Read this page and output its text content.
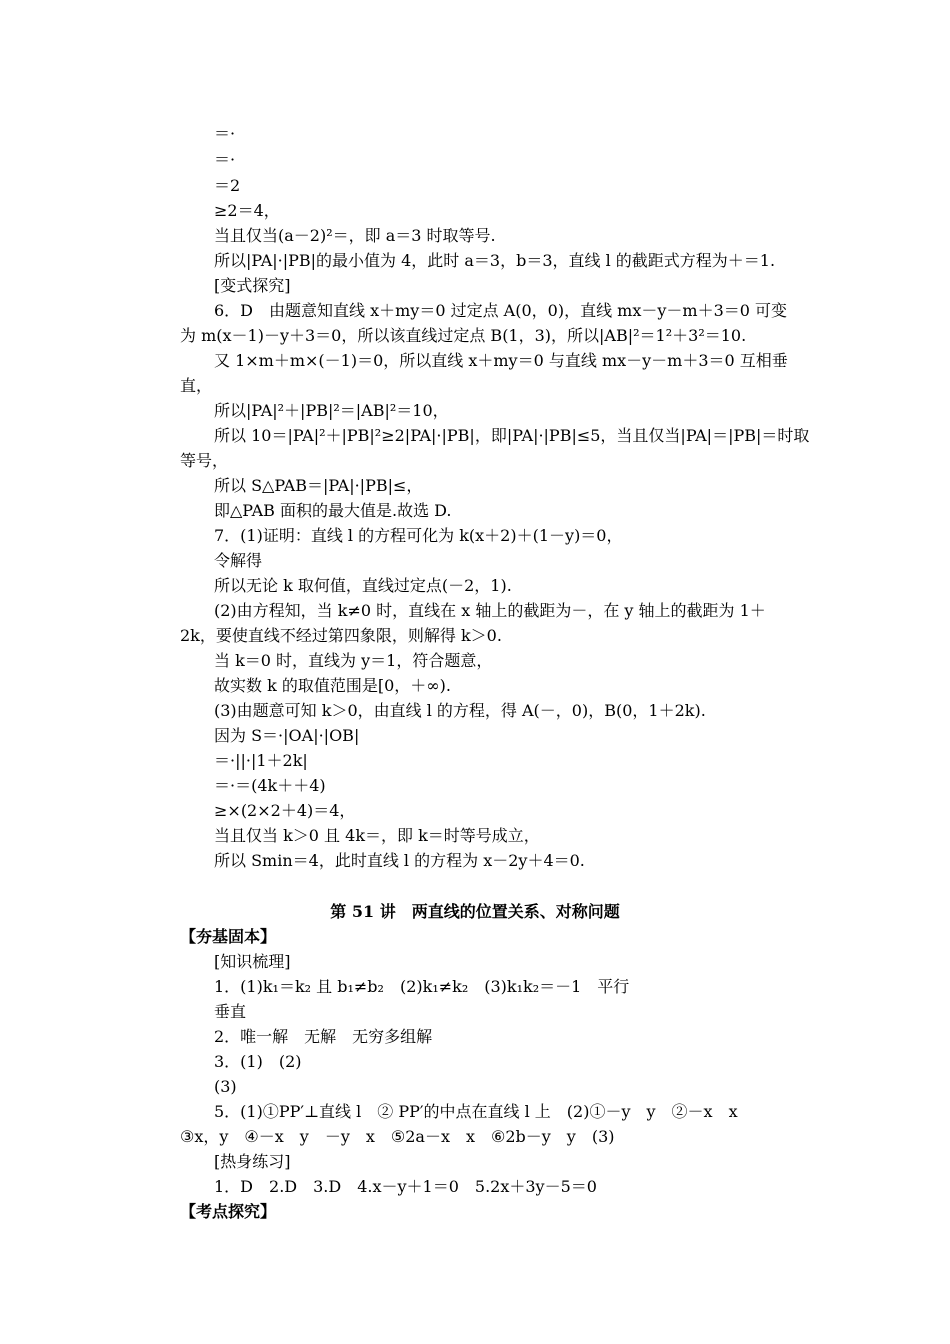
＝·
＝·
＝2
≥2＝4，
当且仅当(a－2)²＝，即 a＝3 时取等号.
所以|PA|·|PB|的最小值为 4，此时 a＝3，b＝3，直线 l 的截距式方程为＋＝1.
[变式探究]
6．D　由题意知直线 x＋my＝0 过定点 A(0，0)，直线 mx－y－m＋3＝0 可变
为 m(x－1)－y＋3＝0，所以该直线过定点 B(1，3)，所以|AB|²＝1²＋3²＝10.
又 1×m＋m×(－1)＝0，所以直线 x＋my＝0 与直线 mx－y－m＋3＝0 互相垂
直，
所以|PA|²＋|PB|²＝|AB|²＝10，
所以 10＝|PA|²＋|PB|²≥2|PA|·|PB|，即|PA|·|PB|≤5，当且仅当|PA|＝|PB|＝时取
等号，
所以 S△PAB＝|PA|·|PB|≤，
即△PAB 面积的最大值是.故选 D.
7．(1)证明：直线 l 的方程可化为 k(x＋2)＋(1－y)＝0，
令解得
所以无论 k 取何值，直线过定点(－2，1).
(2)由方程知，当 k≠0 时，直线在 x 轴上的截距为－，在 y 轴上的截距为 1＋
2k，要使直线不经过第四象限，则解得 k＞0.
当 k＝0 时，直线为 y＝1，符合题意，
故实数 k 的取值范围是[0，＋∞).
(3)由题意可知 k＞0，由直线 l 的方程，得 A(－，0)，B(0，1＋2k).
因为 S＝·|OA|·|OB|
＝·||·|1＋2k|
＝·＝(4k＋＋4)
≥×(2×2＋4)＝4，
当且仅当 k＞0 且 4k＝，即 k＝时等号成立，
所以 Smin＝4，此时直线 l 的方程为 x－2y＋4＝0.
第 51 讲　两直线的位置关系、对称问题
【夯基固本】
[知识梳理]
1．(1)k₁＝k₂ 且 b₁≠b₂　(2)k₁≠k₂　(3)k₁k₂＝－1　平行
垂直
2．唯一解　无解　无穷多组解
3．(1)　(2)
(3)
5．(1)①PP′⊥直线 l　② PP′的中点在直线 l 上　(2)①－y　y　②－x　x
③x，y　④－x　y　－y　x　⑤2a－x　x　⑥2b－y　y　(3)
[热身练习]
1．D　2.D　3.D　4.x－y＋1＝0　5.2x＋3y－5＝0
【考点探究】
